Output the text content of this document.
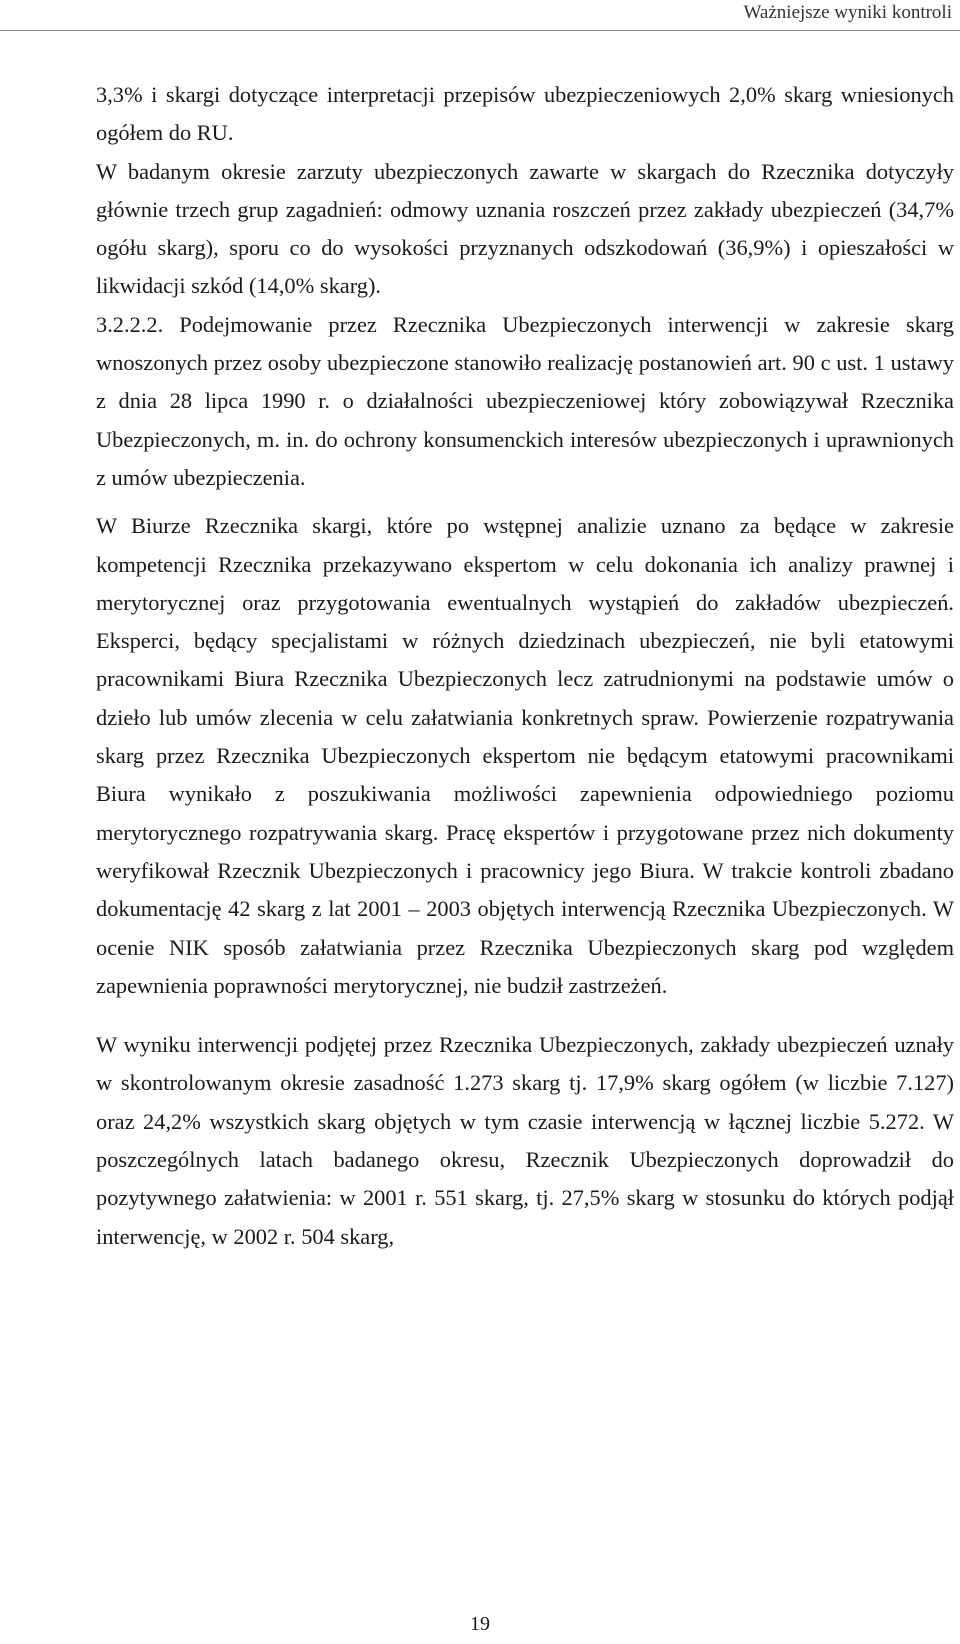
Ważniejsze wyniki kontroli

3,3% i skargi dotyczące interpretacji przepisów ubezpieczeniowych 2,0% skarg wniesionych ogółem do RU.

W badanym okresie zarzuty ubezpieczonych zawarte w skargach do Rzecznika dotyczyły głównie trzech grup zagadnień: odmowy uznania roszczeń przez zakłady ubezpieczeń (34,7% ogółu skarg), sporu co do wysokości przyznanych odszkodowań (36,9%) i opieszałości w likwidacji szkód (14,0% skarg).

3.2.2.2. Podejmowanie przez Rzecznika Ubezpieczonych interwencji w zakresie skarg wnoszonych przez osoby ubezpieczone stanowiło realizację postanowień art. 90 c ust. 1 ustawy z dnia 28 lipca 1990 r. o działalności ubezpieczeniowej który zobowiązywał Rzecznika Ubezpieczonych, m. in. do ochrony konsumenckich interesów ubezpieczonych i uprawnionych z umów ubezpieczenia.

W Biurze Rzecznika skargi, które po wstępnej analizie uznano za będące w zakresie kompetencji Rzecznika przekazywano ekspertom w celu dokonania ich analizy prawnej i merytorycznej oraz przygotowania ewentualnych wystąpień do zakładów ubezpieczeń. Eksperci, będący specjalistami w różnych dziedzinach ubezpieczeń, nie byli etatowymi pracownikami Biura Rzecznika Ubezpieczonych lecz zatrudnionymi na podstawie umów o dzieło lub umów zlecenia w celu załatwiania konkretnych spraw. Powierzenie rozpatrywania skarg przez Rzecznika Ubezpieczonych ekspertom nie będącym etatowymi pracownikami Biura wynikało z poszukiwania możliwości zapewnienia odpowiedniego poziomu merytorycznego rozpatrywania skarg. Pracę ekspertów i przygotowane przez nich dokumenty weryfikował Rzecznik Ubezpieczonych i pracownicy jego Biura. W trakcie kontroli zbadano dokumentację 42 skarg z lat 2001 – 2003 objętych interwencją Rzecznika Ubezpieczonych. W ocenie NIK sposób załatwiania przez Rzecznika Ubezpieczonych skarg pod względem zapewnienia poprawności merytorycznej, nie budził zastrzeżeń.

W wyniku interwencji podjętej przez Rzecznika Ubezpieczonych, zakłady ubezpieczeń uznały w skontrolowanym okresie zasadność 1.273 skarg tj. 17,9% skarg ogółem (w liczbie 7.127) oraz 24,2% wszystkich skarg objętych w tym czasie interwencją w łącznej liczbie 5.272. W poszczególnych latach badanego okresu, Rzecznik Ubezpieczonych doprowadził do pozytywnego załatwienia: w 2001 r. 551 skarg, tj. 27,5% skarg w stosunku do których podjął interwencję, w 2002 r. 504 skarg,

19
